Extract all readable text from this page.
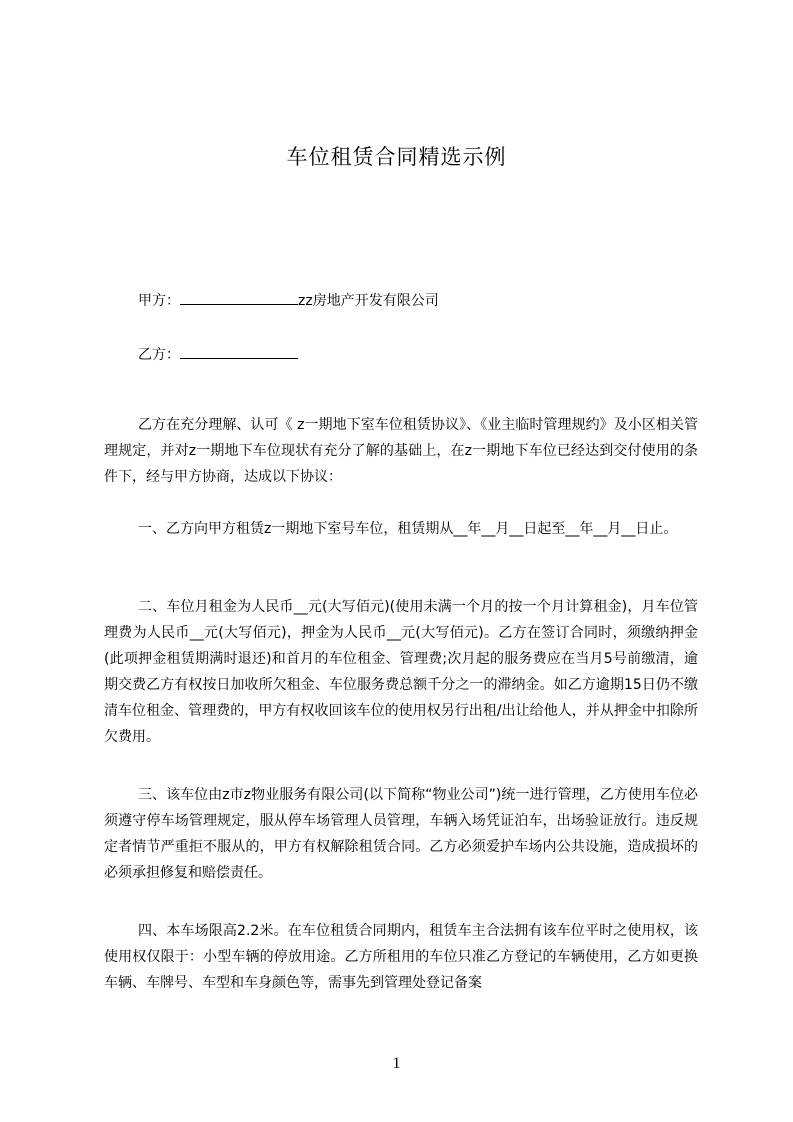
车位租赁合同精选示例
甲方：	zz房地产开发有限公司
乙方：

乙方在充分理解、认可《 z一期地下室车位租赁协议》、《业主临时管理规约》及小区相关管理规定，并对z一期地下车位现状有充分了解的基础上，在z一期地下车位已经达到交付使用的条件下，经与甲方协商，达成以下协议：

一、乙方向甲方租赁z一期地下室号车位，租赁期从__年__月__日起至__年__月__日止。

二、车位月租金为人民币__元(大写佰元)(使用未满一个月的按一个月计算租金)，月车位管理费为人民币__元(大写佰元)，押金为人民币__元(大写佰元)。乙方在签订合同时，须缴纳押金(此项押金租赁期满时退还)和首月的车位租金、管理费;次月起的服务费应在当月5号前缴清，逾期交费乙方有权按日加收所欠租金、车位服务费总额千分之一的滞纳金。如乙方逾期15日仍不缴清车位租金、管理费的，甲方有权收回该车位的使用权另行出租/出让给他人，并从押金中扣除所欠费用。

三、该车位由z市z物业服务有限公司(以下简称“物业公司”)统一进行管理，乙方使用车位必须遵守停车场管理规定，服从停车场管理人员管理，车辆入场凭证泊车，出场验证放行。违反规定者情节严重拒不服从的，甲方有权解除租赁合同。乙方必须爱护车场内公共设施，造成损坏的必须承担修复和赔偿责任。

四、本车场限高2.2米。在车位租赁合同期内，租赁车主合法拥有该车位平时之使用权，该使用权仅限于：小型车辆的停放用途。乙方所租用的车位只准乙方登记的车辆使用，乙方如更换车辆、车牌号、车型和车身颜色等，需事先到管理处登记备案

1
